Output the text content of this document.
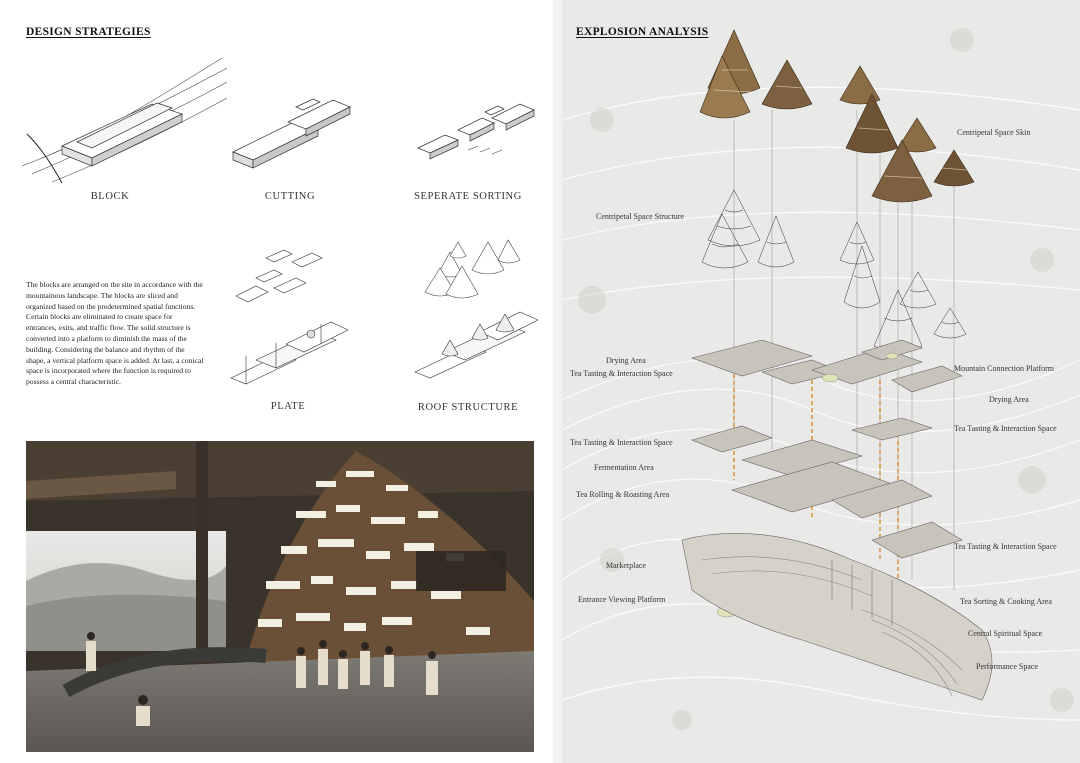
DESIGN STRATEGIES
BLOCK	CUTTING	SEPERATE SORTING
PLATE	ROOF STRUCTURE

The blocks are arranged on the site in accordance with the mountainous landscape. The blocks are sliced and organized based on the predetermined spatial functions. Certain blocks are eliminated to create space for entrances, exits, and traffic flow. The solid structure is converted into a platform to diminish the mass of the building. Considering the balance and rhythm of the shape, a vertical platform space is added. At last, a conical space is incorporated where the function is required to possess a central characteristic.

EXPLOSION ANALYSIS
Centripetal Space Skin
Centripetal Space Structure
Drying Area
Tea Tasting & Interaction Space
Mountain Connection Platform
Drying Area
Tea Tasting & Interaction Space
Tea Tasting & Interaction Space
Fermentation Area
Tea Rolling & Roasting Area
Tea Tasting & Interaction Space
Marketplace
Entrance Viewing Platform	Tea Sorting & Cooking Area
Central Spiritual Space
Performance Space
